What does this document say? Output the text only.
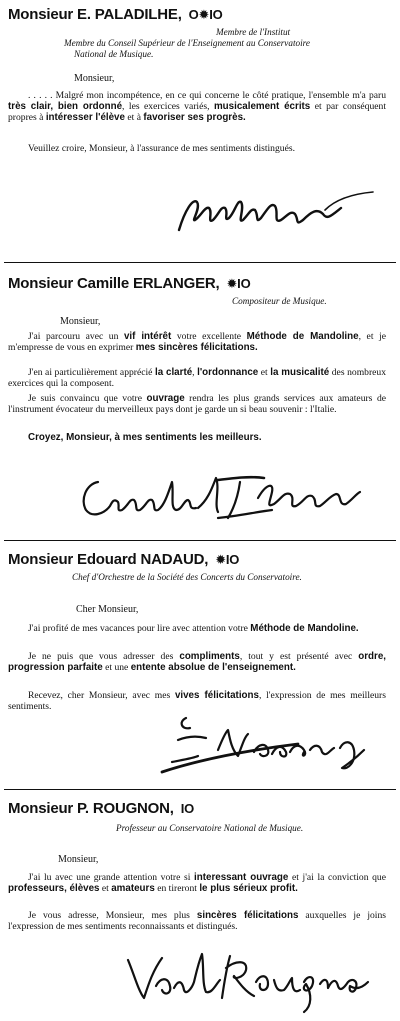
Monsieur E. PALADILHE, O✹IO
Membre de l'Institut
Membre du Conseil Supérieur de l'Enseignement au Conservatoire
National de Musique.
Monsieur,
. . . . . Malgré mon incompétence, en ce qui concerne le côté pratique, l'ensemble m'a paru très clair, bien ordonné, les exercices variés, musicalement écrits et par conséquent propres à intéresser l'élève et à favoriser ses progrès.
Veuillez croire, Monsieur, à l'assurance de mes sentiments distingués.
Monsieur Camille ERLANGER, ✹IO
Compositeur de Musique.
Monsieur,
J'ai parcouru avec un vif intérêt votre excellente Méthode de Mandoline, et je m'empresse de vous en exprimer mes sincères félicitations.
J'en ai particulièrement apprécié la clarté, l'ordonnance et la musicalité des nombreux exercices qui la composent.
Je suis convaincu que votre ouvrage rendra les plus grands services aux amateurs de l'instrument évocateur du merveilleux pays dont je garde un si beau souvenir : l'Italie.
Croyez, Monsieur, à mes sentiments les meilleurs.
Monsieur Edouard NADAUD, ✹IO
Chef d'Orchestre de la Société des Concerts du Conservatoire.
Cher Monsieur,
J'ai profité de mes vacances pour lire avec attention votre Méthode de Mandoline.
Je ne puis que vous adresser des compliments, tout y est présenté avec ordre, progression parfaite et une entente absolue de l'enseignement.
Recevez, cher Monsieur, avec mes vives félicitations, l'expression de mes meilleurs sentiments.
Monsieur P. ROUGNON, IO
Professeur au Conservatoire National de Musique.
Monsieur,
J'ai lu avec une grande attention votre si interessant ouvrage et j'ai la conviction que professeurs, élèves et amateurs en tireront le plus sérieux profit.
Je vous adresse, Monsieur, mes plus sincères félicitations auxquelles je joins l'expression de mes sentiments reconnaissants et distingués.
